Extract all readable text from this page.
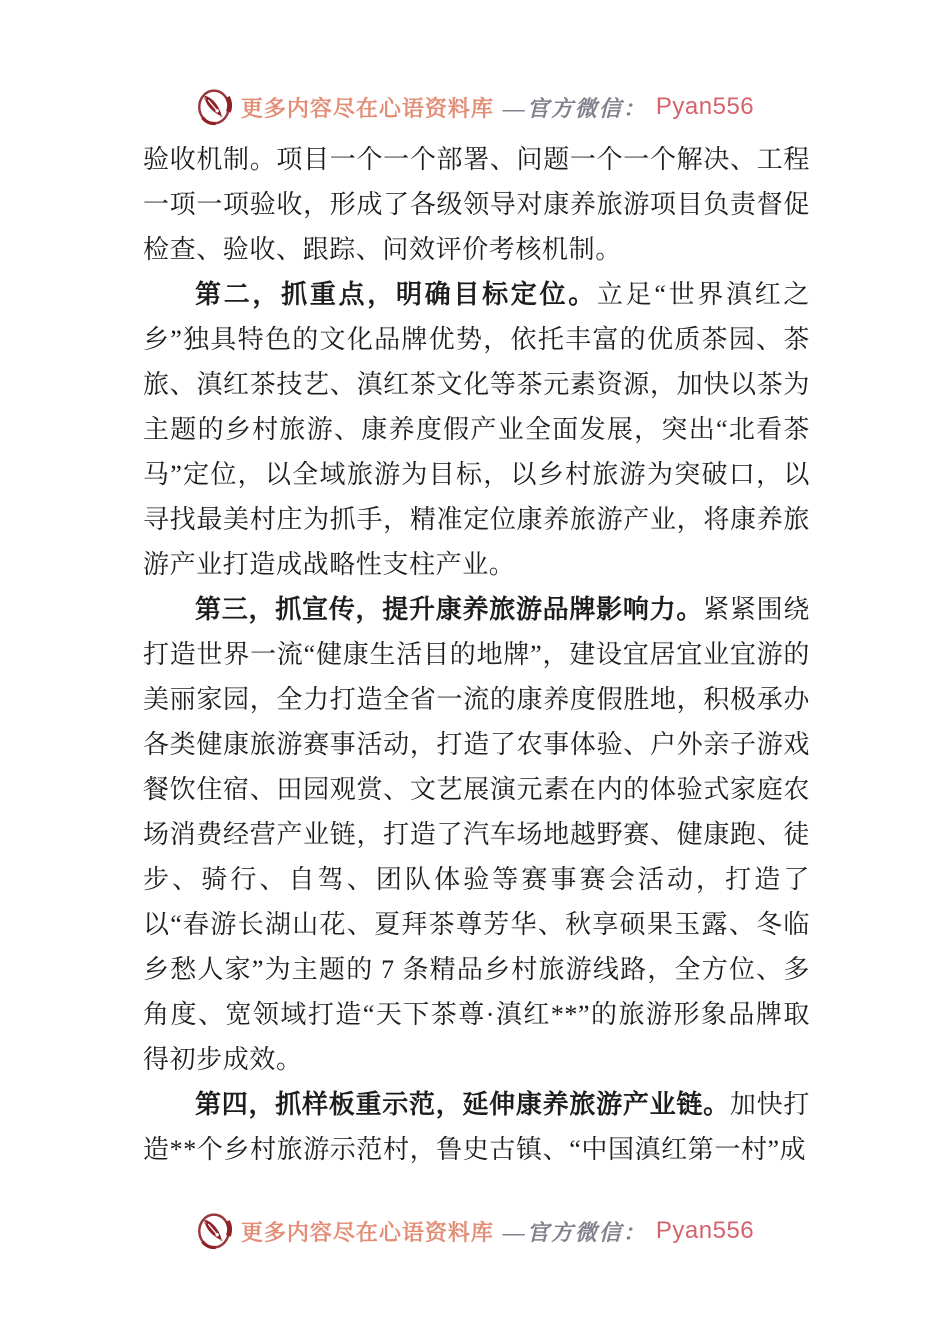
更多内容尽在心语资料库 —官方微信： Pyan556

验收机制。项目一个一个部署、问题一个一个解决、工程一项一项验收，形成了各级领导对康养旅游项目负责督促检查、验收、跟踪、问效评价考核机制。

第二，抓重点，明确目标定位。立足“世界滇红之乡”独具特色的文化品牌优势，依托丰富的优质茶园、茶旅、滇红茶技艺、滇红茶文化等茶元素资源，加快以茶为主题的乡村旅游、康养度假产业全面发展，突出“北看茶马”定位，以全域旅游为目标，以乡村旅游为突破口，以寻找最美村庄为抓手，精准定位康养旅游产业，将康养旅游产业打造成战略性支柱产业。

第三，抓宣传，提升康养旅游品牌影响力。紧紧围绕打造世界一流“健康生活目的地牌”，建设宜居宜业宜游的美丽家园，全力打造全省一流的康养度假胜地，积极承办各类健康旅游赛事活动，打造了农事体验、户外亲子游戏餐饮住宿、田园观赏、文艺展演元素在内的体验式家庭农场消费经营产业链，打造了汽车场地越野赛、健康跑、徒步、骑行、自驾、团队体验等赛事赛会活动，打造了以“春游长湖山花、夏拜茶尊芳华、秋享硕果玉露、冬临乡愁人家”为主题的 7 条精品乡村旅游线路，全方位、多角度、宽领域打造“天下茶尊·滇红**”的旅游形象品牌取得初步成效。

第四，抓样板重示范，延伸康养旅游产业链。加快打造**个乡村旅游示范村，鲁史古镇、“中国滇红第一村”成

更多内容尽在心语资料库 —官方微信： Pyan556
